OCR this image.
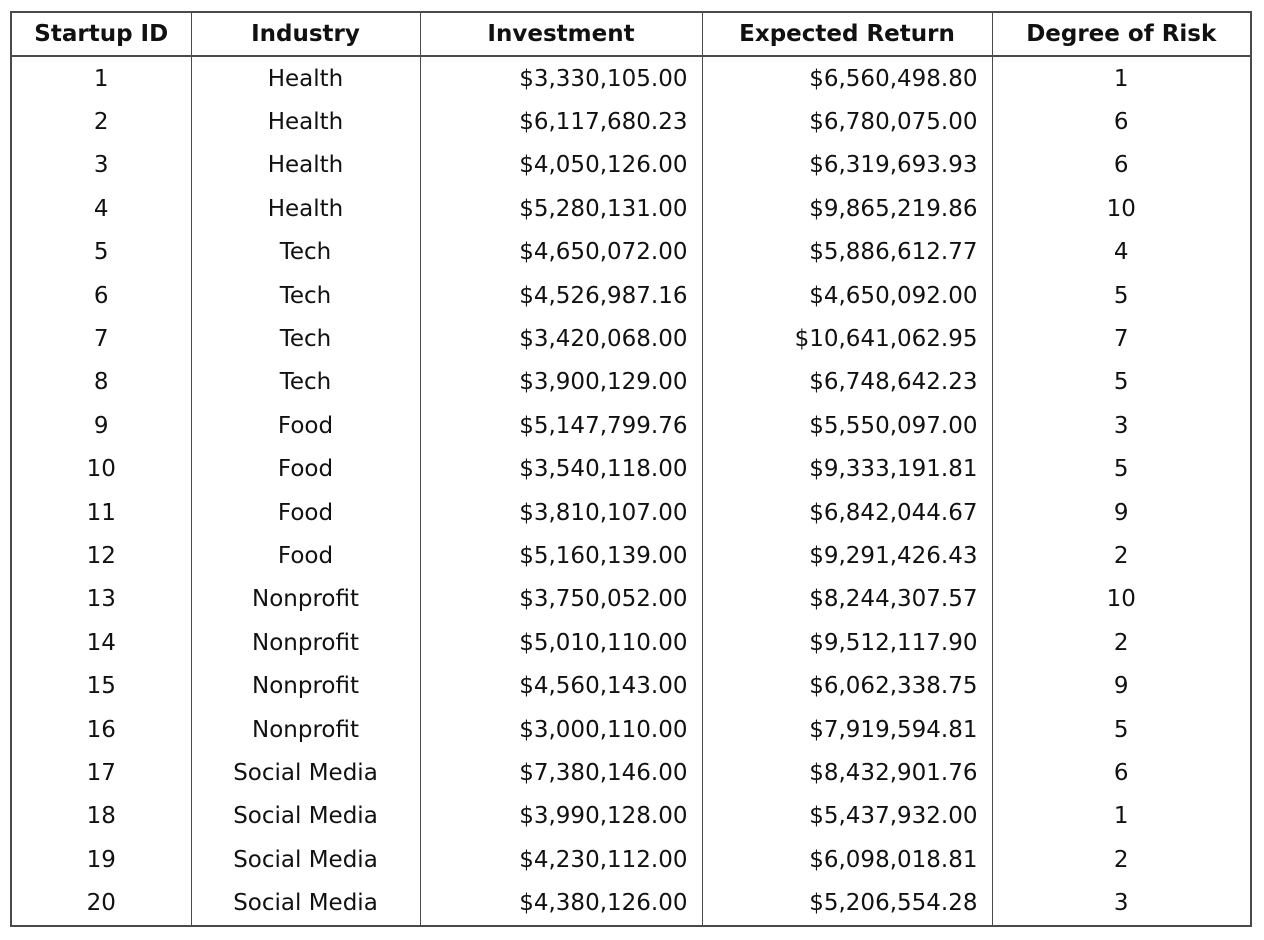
Startup ID	Industry	Investment	Expected Return	Degree of Risk
1	Health	$3,330,105.00	$6,560,498.80	1
2	Health	$6,117,680.23	$6,780,075.00	6
3	Health	$4,050,126.00	$6,319,693.93	6
4	Health	$5,280,131.00	$9,865,219.86	10
5	Tech	$4,650,072.00	$5,886,612.77	4
6	Tech	$4,526,987.16	$4,650,092.00	5
7	Tech	$3,420,068.00	$10,641,062.95	7
8	Tech	$3,900,129.00	$6,748,642.23	5
9	Food	$5,147,799.76	$5,550,097.00	3
10	Food	$3,540,118.00	$9,333,191.81	5
11	Food	$3,810,107.00	$6,842,044.67	9
12	Food	$5,160,139.00	$9,291,426.43	2
13	Nonprofit	$3,750,052.00	$8,244,307.57	10
14	Nonprofit	$5,010,110.00	$9,512,117.90	2
15	Nonprofit	$4,560,143.00	$6,062,338.75	9
16	Nonprofit	$3,000,110.00	$7,919,594.81	5
17	Social Media	$7,380,146.00	$8,432,901.76	6
18	Social Media	$3,990,128.00	$5,437,932.00	1
19	Social Media	$4,230,112.00	$6,098,018.81	2
20	Social Media	$4,380,126.00	$5,206,554.28	3
